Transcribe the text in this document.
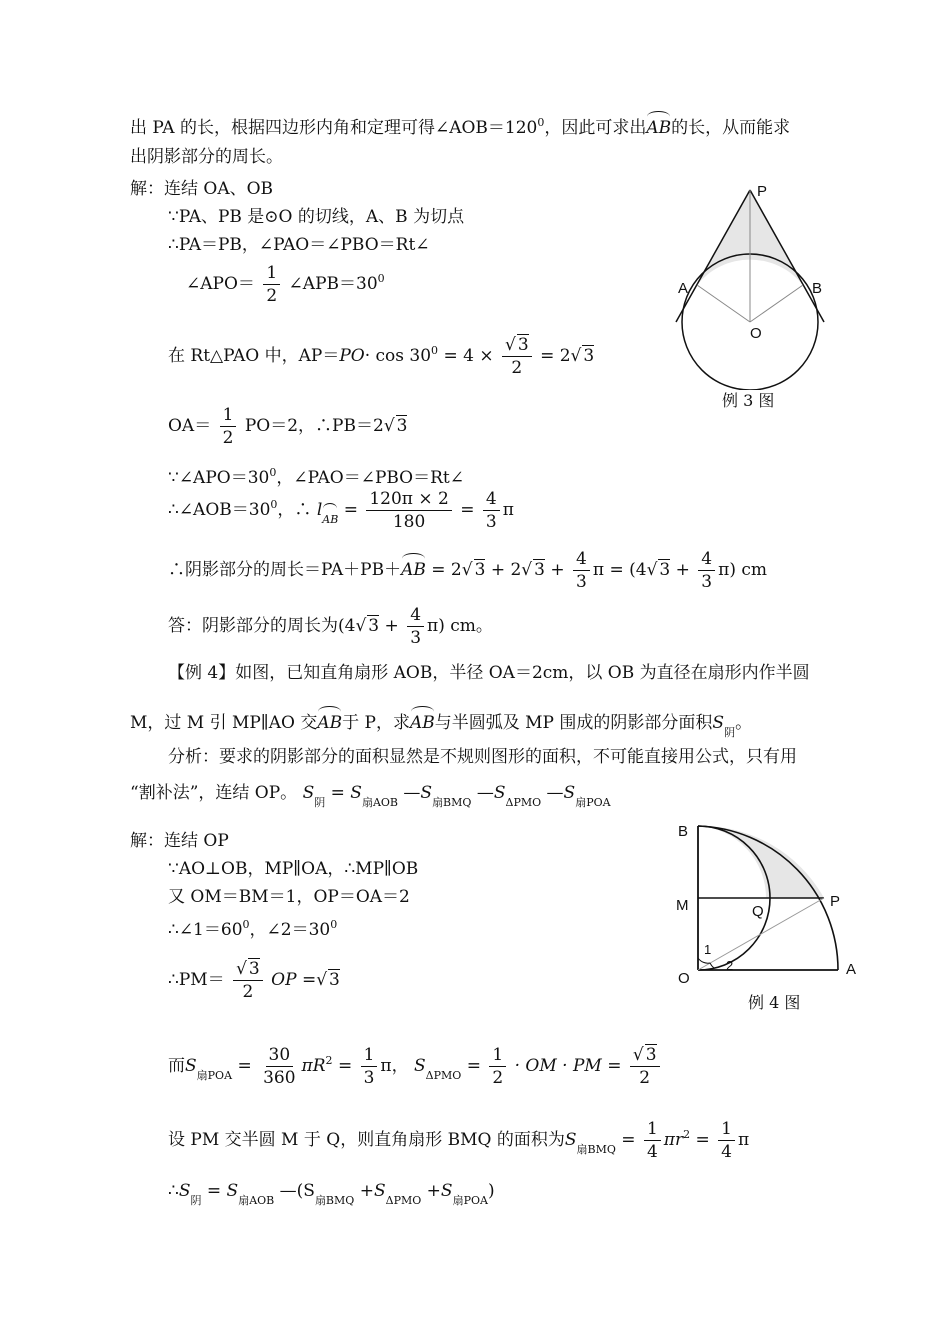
出 PA 的长，根据四边形内角和定理可得$\angle AOB=120^0$，因此可求出AB的长，从而能求
出阴影部分的周长。
解：连结 OA、OB
∵PA、PB 是⊙O 的切线，A、B 为切点
∴PA＝PB，∠PAO＝∠PBO＝Rt∠
∠APO＝ $\frac{1}{2}$ $\angle APB=30^0$
在 Rt△PAO 中，$AP=PO\cdot \cos 30^0 = 4 \times \frac{√ 3}{2} = 2√$ 3
$OA= \frac{1}{2} PO=2$，∴PB＝2√ 3
$\because\angle APO=30^0$，∠PAO＝∠PBO＝Rt∠
$\therefore\angle AOB=30^0$，∴ lAB = $\frac{120\pi \times 2}{180} = \frac{4}{3}$ π
∴阴影部分的周长＝PA＋PB＋AB = 2√ 3 + 2√ $3 + \frac{4}{3}$ π = (4√ $3 + \frac{4}{3} \pi$) cm
答：阴影部分的周长为(4√ $3 + \frac{4}{3} \pi$) cm。
【例 4】如图，已知直角扇形 AOB，半径 OA＝2cm，以 OB 为直径在扇形内作半圆
M，过 M 引 MP∥AO 交AB于 P，求AB与半圆弧及 MP 围成的阴影部分面积$S_阴$。
分析：要求的阴影部分的面积显然是不规则图形的面积，不可能直接用公式，只有用
“割补法”，连结 OP。 $S_阴 = S_{扇AOB}$ $—S_{扇BMQ}$ $—S_{\Delta PMO}$ $—S_{扇POA}$
解：连结 OP
∵AO⊥OB，MP∥OA，∴MP∥OB
又 OM＝BM＝1，OP＝OA＝2
$\therefore\angle 1=60^0$，$\angle 2=30^0$
∴PM＝ $\frac{√ 3}{2}$ OP =√ 3
而$S_{扇POA} = \frac{30}{360} \pi R^2 = \frac{1}{3}$ π， $S_{\Delta PMO} = \frac{1}{2}$ · OM · PM = $\frac{√ 3}{2}$
设 PM 交半圆 M 于 Q，则直角扇形 BMQ 的面积为$S_{扇BMQ} = \frac{1}{4} \pi r^2 = \frac{1}{4}$ π
$\therefore S_阴 = S_{扇AOB}$ $—(S_{扇BMQ} +S_{\Delta PMO} +S_{扇POA})$
P
A	B
O
例 3 图
B
M	Q
P
O
A
1
2
例 4 图
